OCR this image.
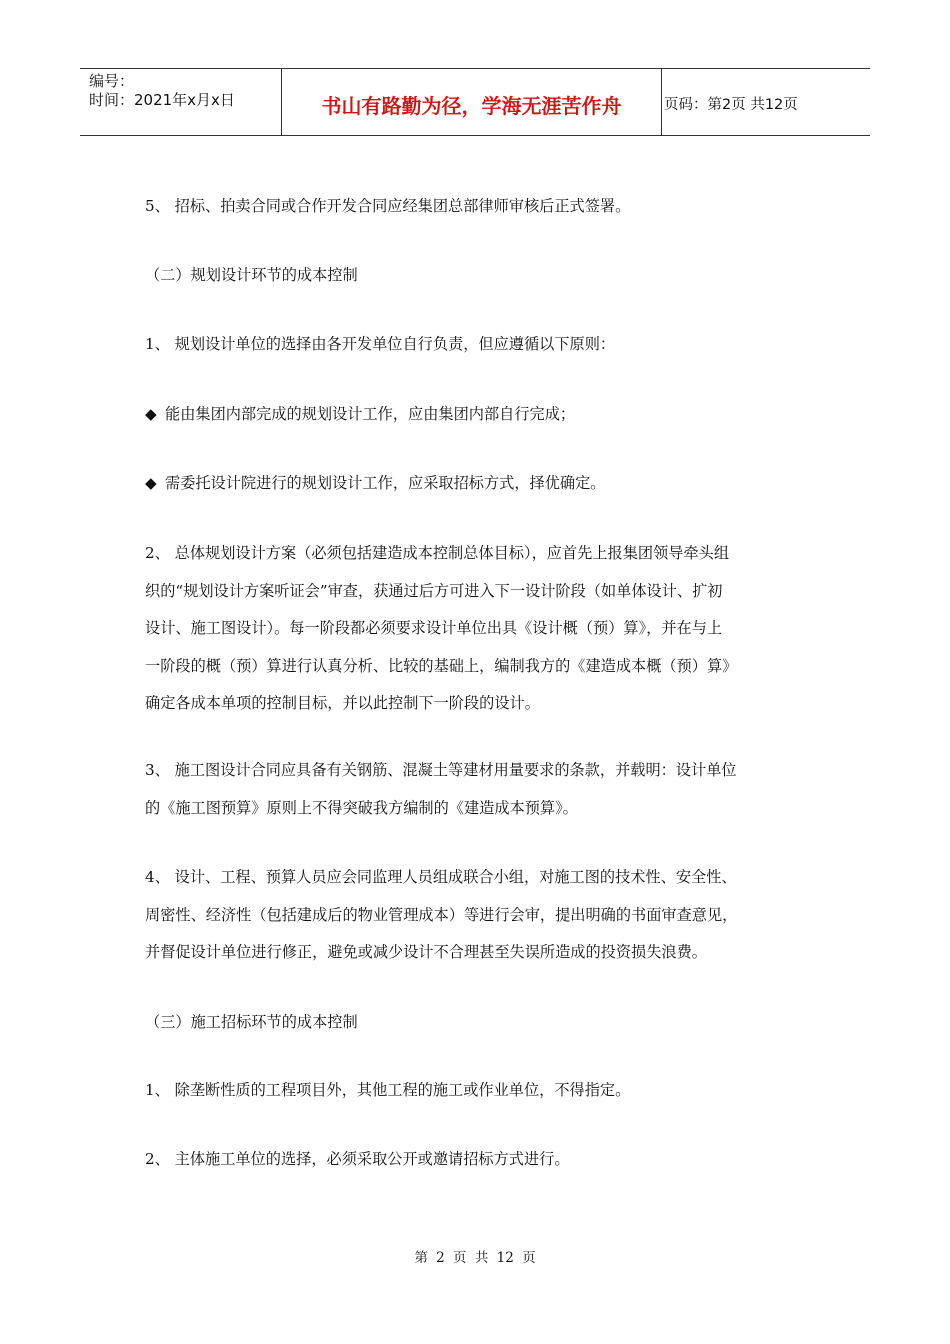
编号：
时间：2021年x月x日	书山有路勤为径，学海无涯苦作舟	页码：第2页 共12页
5、 招标、拍卖合同或合作开发合同应经集团总部律师审核后正式签署。
（二）规划设计环节的成本控制
1、 规划设计单位的选择由各开发单位自行负责，但应遵循以下原则：
◆ 能由集团内部完成的规划设计工作，应由集团内部自行完成；
◆ 需委托设计院进行的规划设计工作，应采取招标方式，择优确定。
2、 总体规划设计方案（必须包括建造成本控制总体目标），应首先上报集团领导牵头组
织的“规划设计方案听证会”审查，获通过后方可进入下一设计阶段（如单体设计、扩初
设计、施工图设计）。每一阶段都必须要求设计单位出具《设计概（预）算》，并在与上
一阶段的概（预）算进行认真分析、比较的基础上，编制我方的《建造成本概（预）算》
确定各成本单项的控制目标，并以此控制下一阶段的设计。
3、 施工图设计合同应具备有关钢筋、混凝土等建材用量要求的条款，并载明：设计单位
的《施工图预算》原则上不得突破我方编制的《建造成本预算》。
4、 设计、工程、预算人员应会同监理人员组成联合小组，对施工图的技术性、安全性、
周密性、经济性（包括建成后的物业管理成本）等进行会审，提出明确的书面审查意见，
并督促设计单位进行修正，避免或减少设计不合理甚至失误所造成的投资损失浪费。
（三）施工招标环节的成本控制
1、 除垄断性质的工程项目外，其他工程的施工或作业单位，不得指定。
2、 主体施工单位的选择，必须采取公开或邀请招标方式进行。
第 2 页 共 12 页
